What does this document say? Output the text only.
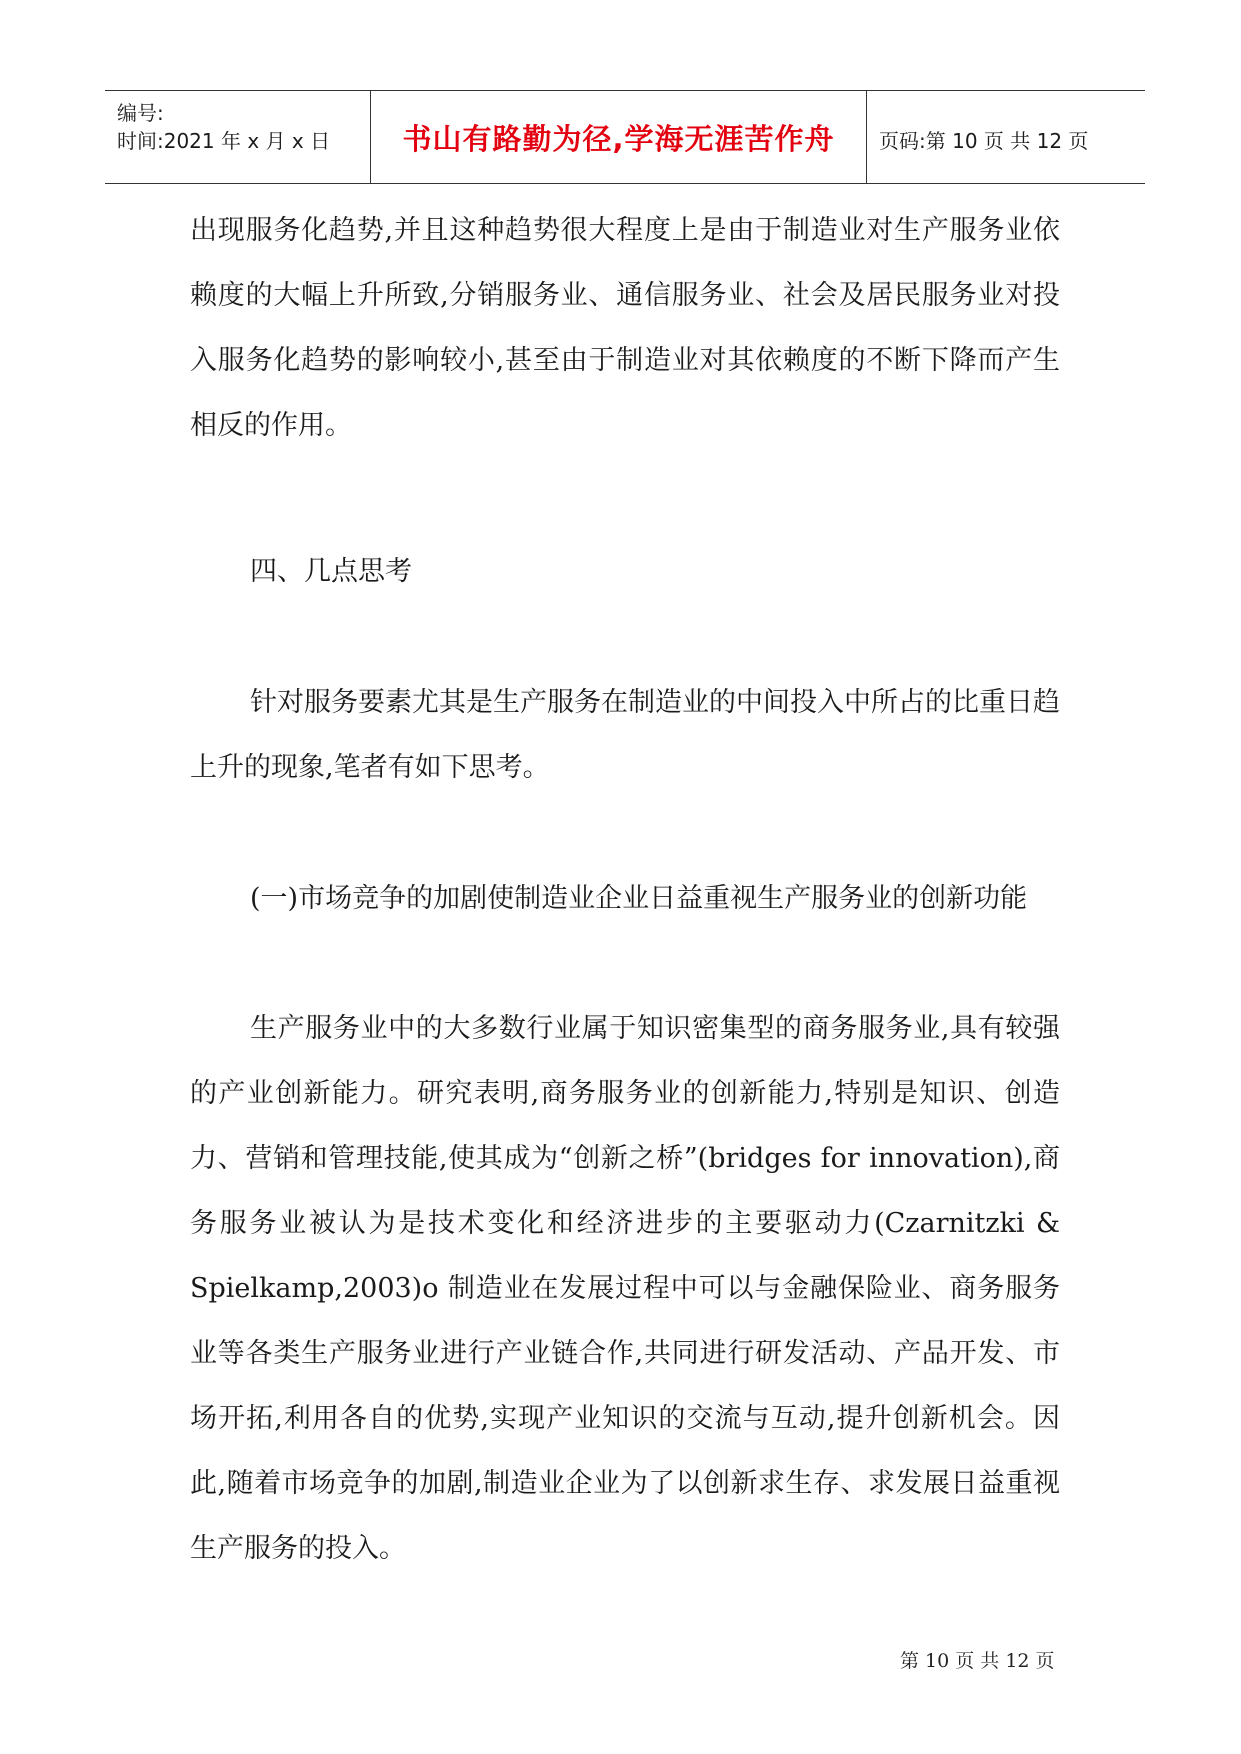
编号:
时间:2021 年 x 月 x 日	书山有路勤为径,学海无涯苦作舟	页码:第 10 页 共 12 页

出现服务化趋势,并且这种趋势很大程度上是由于制造业对生产服务业依赖度的大幅上升所致,分销服务业、通信服务业、社会及居民服务业对投入服务化趋势的影响较小,甚至由于制造业对其依赖度的不断下降而产生相反的作用。

四、几点思考

针对服务要素尤其是生产服务在制造业的中间投入中所占的比重日趋上升的现象,笔者有如下思考。

(一)市场竞争的加剧使制造业企业日益重视生产服务业的创新功能

生产服务业中的大多数行业属于知识密集型的商务服务业,具有较强的产业创新能力。研究表明,商务服务业的创新能力,特别是知识、创造力、营销和管理技能,使其成为“创新之桥”(bridges for innovation),商务服务业被认为是技术变化和经济进步的主要驱动力(Czarnitzki & Spielkamp,2003)o 制造业在发展过程中可以与金融保险业、商务服务业等各类生产服务业进行产业链合作,共同进行研发活动、产品开发、市场开拓,利用各自的优势,实现产业知识的交流与互动,提升创新机会。因此,随着市场竞争的加剧,制造业企业为了以创新求生存、求发展日益重视生产服务的投入。

第 10 页 共 12 页
